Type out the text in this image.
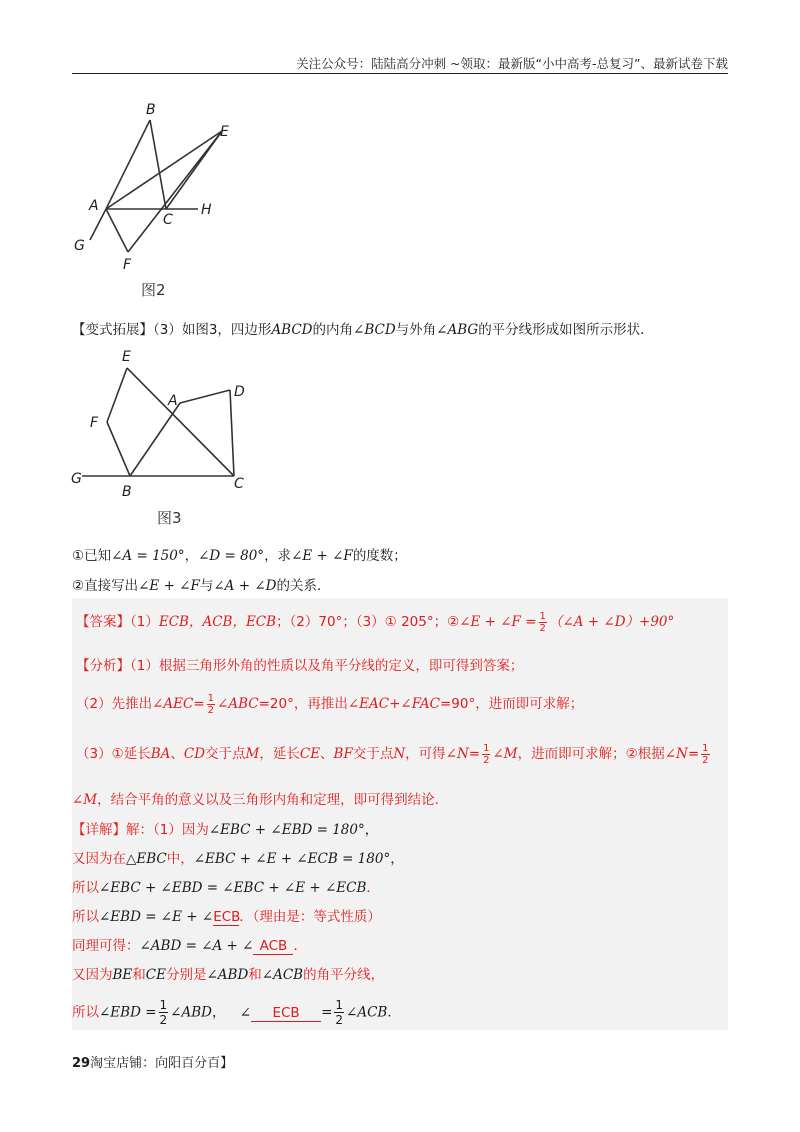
关注公众号：陆陆高分冲刺 ~领取：最新版“小中高考-总复习”、最新试卷下载
B
E
A
C
H
G
F
图2
【变式拓展】（3）如图3，四边形ABCD的内角∠BCD与外角∠ABG的平分线形成如图所示形状．
E
A
D
F
G
B	C
图3
①已知∠A = 150°，∠D = 80°，求∠E + ∠F的度数；
②直接写出∠E + ∠F与∠A + ∠D的关系．
【答案】（1）ECB，ACB，ECB；（2）70°；（3）① 205°；②∠E + ∠F = $\frac{1}{2}$ （∠A + ∠D）+90°
【分析】（1）根据三角形外角的性质以及角平分线的定义，即可得到答案；
（2）先推出∠AEC= $\frac{1}{2}$ ∠ABC=20°，再推出∠EAC+∠FAC=90°，进而即可求解；
（3）①延长BA、CD交于点M，延长CE、BF交于点N，可得∠N= $\frac{1}{2}$ ∠M，进而即可求解；②根据∠N= $\frac{1}{2}$
∠M，结合平角的意义以及三角形内角和定理，即可得到结论．
【详解】解：（1）因为∠EBC + ∠EBD = 180°，
又因为在△EBC中，∠EBC + ∠E + ∠ECB = 180°，
所以∠EBC + ∠EBD = ∠EBC + ∠E + ∠ECB．
所以∠EBD = ∠E + ∠ECB．（理由是：等式性质）
同理可得：∠ABD = ∠A + ∠ ACB ．
又因为BE和CE分别是∠ABD和∠ACB的角平分线，
所以∠EBD = $\frac{1}{2}$ ∠ABD， ∠ ECB = $\frac{1}{2}$ ∠ACB．
29淘宝店铺：向阳百分百】
